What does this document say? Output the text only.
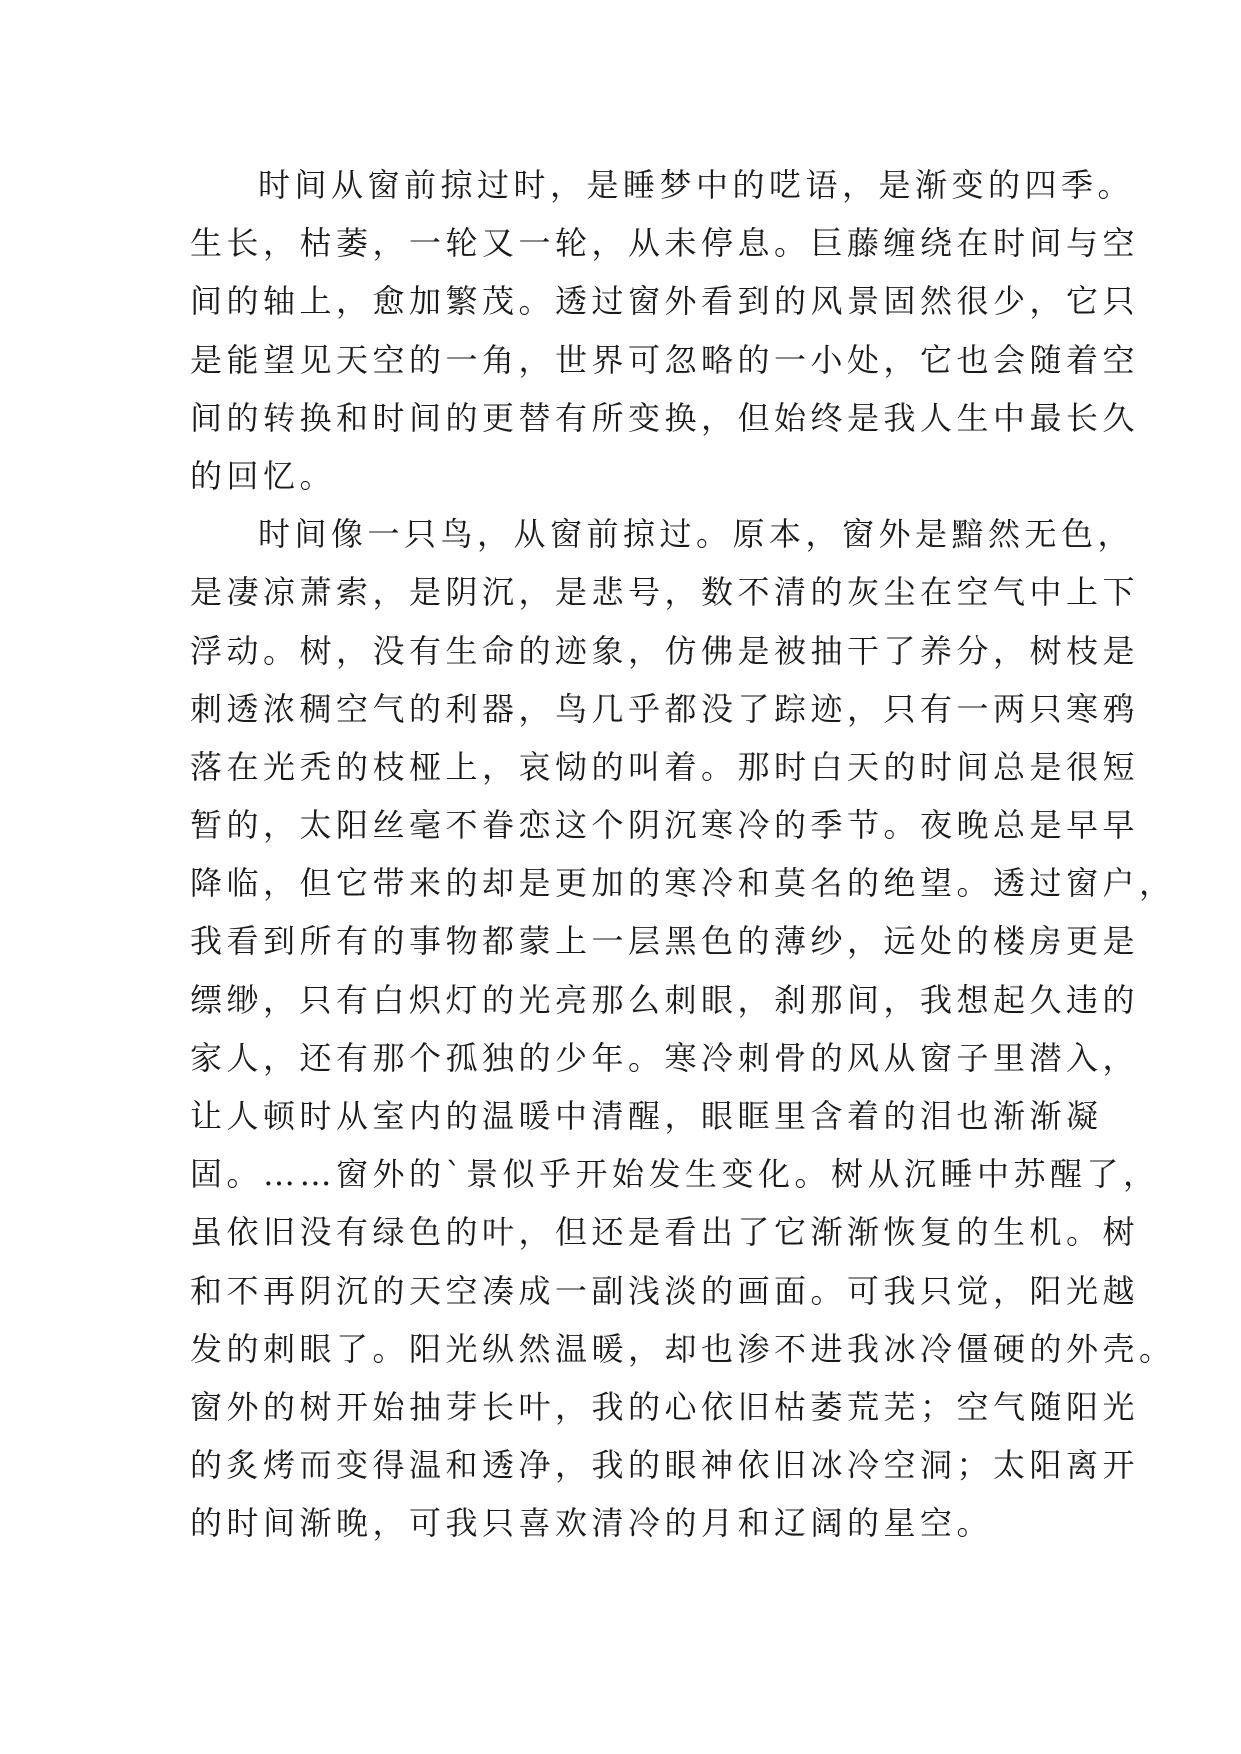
时间从窗前掠过时，是睡梦中的呓语，是渐变的四季。
生长，枯萎，一轮又一轮，从未停息。巨藤缠绕在时间与空
间的轴上，愈加繁茂。透过窗外看到的风景固然很少，它只
是能望见天空的一角，世界可忽略的一小处，它也会随着空
间的转换和时间的更替有所变换，但始终是我人生中最长久
的回忆。
时间像一只鸟，从窗前掠过。原本，窗外是黯然无色，
是凄凉萧索，是阴沉，是悲号，数不清的灰尘在空气中上下
浮动。树，没有生命的迹象，仿佛是被抽干了养分，树枝是
刺透浓稠空气的利器，鸟几乎都没了踪迹，只有一两只寒鸦
落在光秃的枝桠上，哀恸的叫着。那时白天的时间总是很短
暂的，太阳丝毫不眷恋这个阴沉寒冷的季节。夜晚总是早早
降临，但它带来的却是更加的寒冷和莫名的绝望。透过窗户，
我看到所有的事物都蒙上一层黑色的薄纱，远处的楼房更是
缥缈，只有白炽灯的光亮那么刺眼，刹那间，我想起久违的
家人，还有那个孤独的少年。寒冷刺骨的风从窗子里潜入，
让人顿时从室内的温暖中清醒，眼眶里含着的泪也渐渐凝
固。……窗外的`景似乎开始发生变化。树从沉睡中苏醒了，
虽依旧没有绿色的叶，但还是看出了它渐渐恢复的生机。树
和不再阴沉的天空凑成一副浅淡的画面。可我只觉，阳光越
发的刺眼了。阳光纵然温暖，却也渗不进我冰冷僵硬的外壳。
窗外的树开始抽芽长叶，我的心依旧枯萎荒芜；空气随阳光
的炙烤而变得温和透净，我的眼神依旧冰冷空洞；太阳离开
的时间渐晚，可我只喜欢清冷的月和辽阔的星空。
